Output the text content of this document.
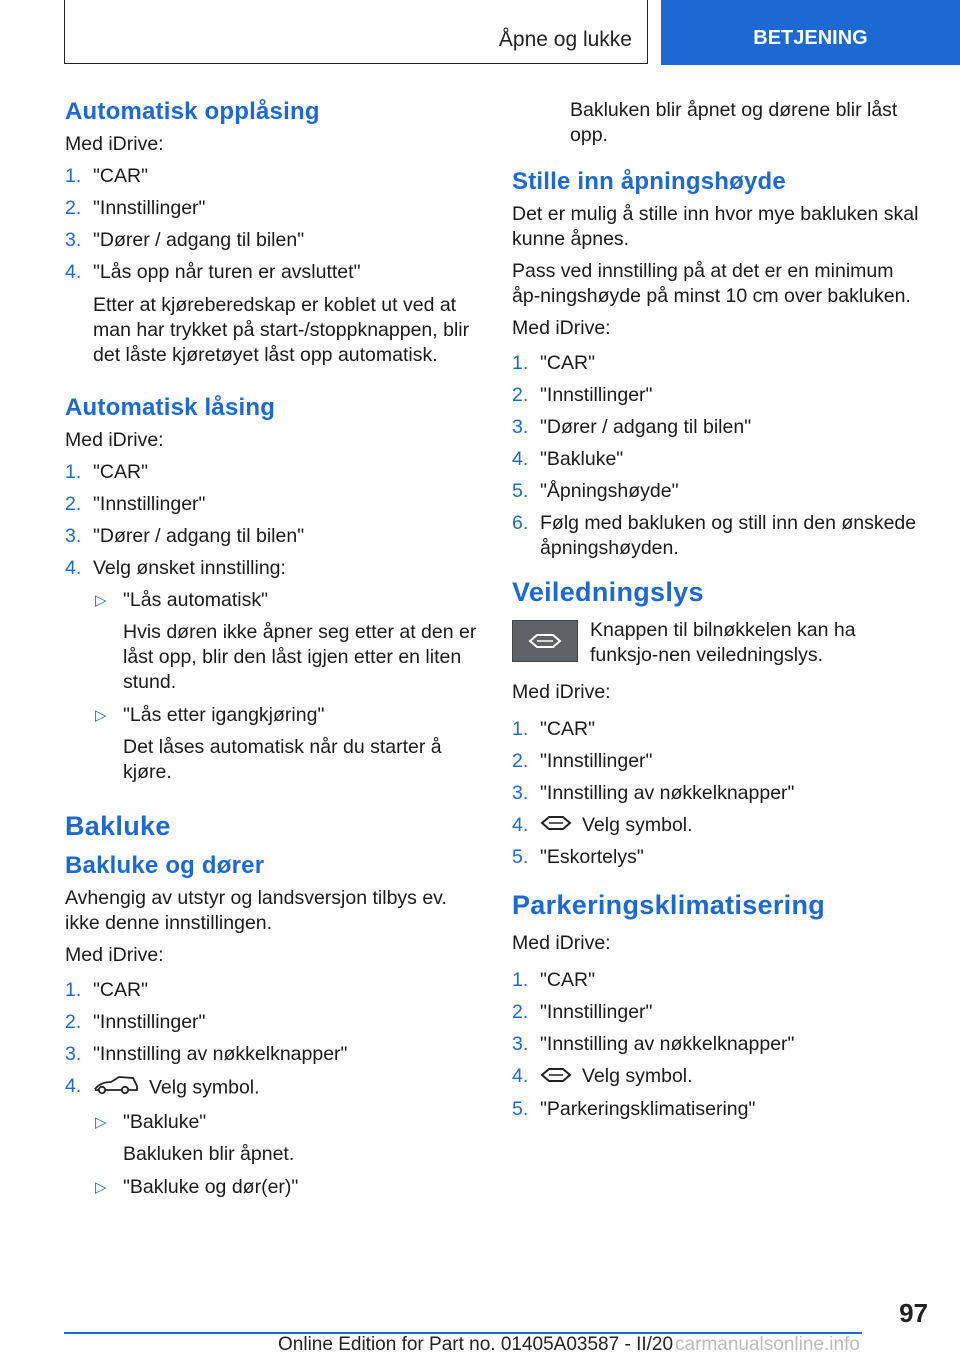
Åpne og lukke	BETJENING
Automatisk opplåsing

Med iDrive:

1. "CAR"
2. "Innstillinger"
3. "Dører / adgang til bilen"
4. "Lås opp når turen er avsluttet"
Etter at kjøreberedskap er koblet ut ved at man har trykket på start-/stoppknappen, blir det låste kjøretøyet låst opp automatisk.
Automatisk låsing

Med iDrive:

1. "CAR"
2. "Innstillinger"
3. "Dører / adgang til bilen"
4. Velg ønsket innstilling:
▷ "Lås automatisk"
Hvis døren ikke åpner seg etter at den er låst opp, blir den låst igjen etter en liten stund.
▷ "Lås etter igangkjøring"
Det låses automatisk når du starter å kjøre.
Bakluke
Bakluke og dører

Avhengig av utstyr og landsversjon tilbys ev. ikke denne innstillingen.

Med iDrive:

1. "CAR"
2. "Innstillinger"
3. "Innstilling av nøkkelknapper"
4.	Velg symbol.
▷ "Bakluke"
Bakluken blir åpnet.
▷ "Bakluke og dør(er)"
Bakluken blir åpnet og dørene blir låst opp.
Stille inn åpningshøyde

Det er mulig å stille inn hvor mye bakluken skal kunne åpnes.

Pass ved innstilling på at det er en minimum åp-ningshøyde på minst 10 cm over bakluken.

Med iDrive:

1. "CAR"
2. "Innstillinger"
3. "Dører / adgang til bilen"
4. "Bakluke"
5. "Åpningshøyde"
6. Følg med bakluken og still inn den ønskede åpningshøyden.
Veiledningslys
Knappen til bilnøkkelen kan ha funksjo-nen veiledningslys.

Med iDrive:

1. "CAR"
2. "Innstillinger"
3. "Innstilling av nøkkelknapper"
4.	Velg symbol.
5. "Eskortelys"
Parkeringsklimatisering

Med iDrive:

1. "CAR"
2. "Innstillinger"
3. "Innstilling av nøkkelknapper"
4.	Velg symbol.
5. "Parkeringsklimatisering"
97
Online Edition for Part no. 01405A03587 - II/20 carmanualsonline.info
